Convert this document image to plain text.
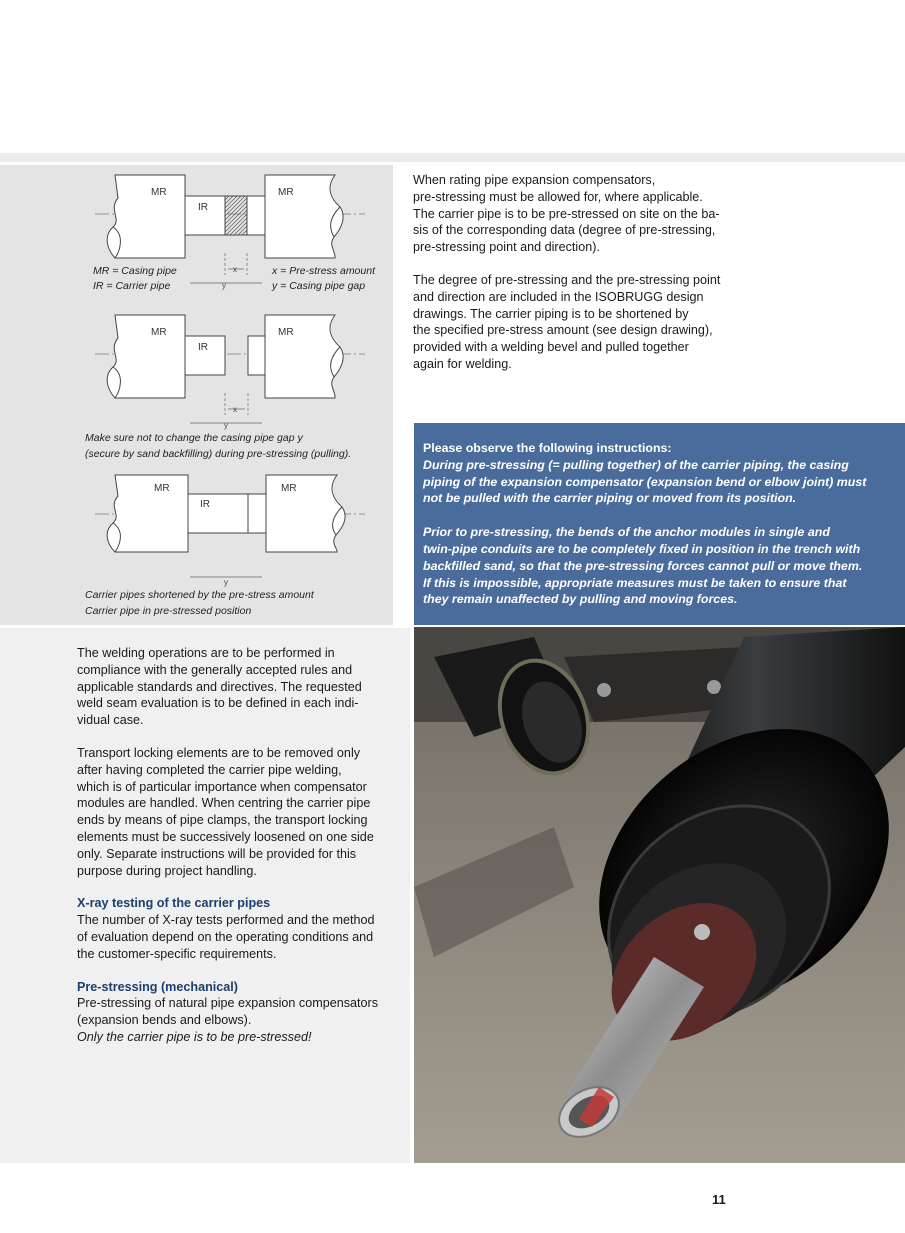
MR
IR
MR
x
y
MR
IR
MR
x
y
MR
IR
MR
y
MR = Casing pipe
IR = Carrier pipe
x = Pre-stress amount
y = Casing pipe gap
Make sure not to change the casing pipe gap y
(secure by sand backfilling) during pre-stressing (pulling).
Carrier pipes shortened by the pre-stress amount
Carrier pipe in pre-stressed position

When rating pipe expansion compensators,
pre-stressing must be allowed for, where applicable.
The carrier pipe is to be pre-stressed on site on the ba-
sis of the corresponding data (degree of pre-stressing,
pre-stressing point and direction).

The degree of pre-stressing and the pre-stressing point
and direction are included in the ISOBRUGG design
drawings. The carrier piping is to be shortened by
the specified pre-stress amount (see design drawing),
provided with a welding bevel and pulled together
again for welding.

Please observe the following instructions:

During pre-stressing (= pulling together) of the carrier piping, the casing
piping of the expansion compensator (expansion bend or elbow joint) must
not be pulled with the carrier piping or moved from its position.

Prior to pre-stressing, the bends of the anchor modules in single and
twin-pipe conduits are to be completely fixed in position in the trench with
backfilled sand, so that the pre-stressing forces cannot pull or move them.
If this is impossible, appropriate measures must be taken to ensure that
they remain unaffected by pulling and moving forces.

The welding operations are to be performed in
compliance with the generally accepted rules and
applicable standards and directives. The requested
weld seam evaluation is to be defined in each indi-
vidual case.

Transport locking elements are to be removed only
after having completed the carrier pipe welding,
which is of particular importance when compensator
modules are handled. When centring the carrier pipe
ends by means of pipe clamps, the transport locking
elements must be successively loosened on one side
only. Separate instructions will be provided for this
purpose during project handling.

X-ray testing of the carrier pipes

The number of X-ray tests performed and the method
of evaluation depend on the operating conditions and
the customer-specific requirements.

Pre-stressing (mechanical)

Pre-stressing of natural pipe expansion compensators
(expansion bends and elbows).
Only the carrier pipe is to be pre-stressed!

11
